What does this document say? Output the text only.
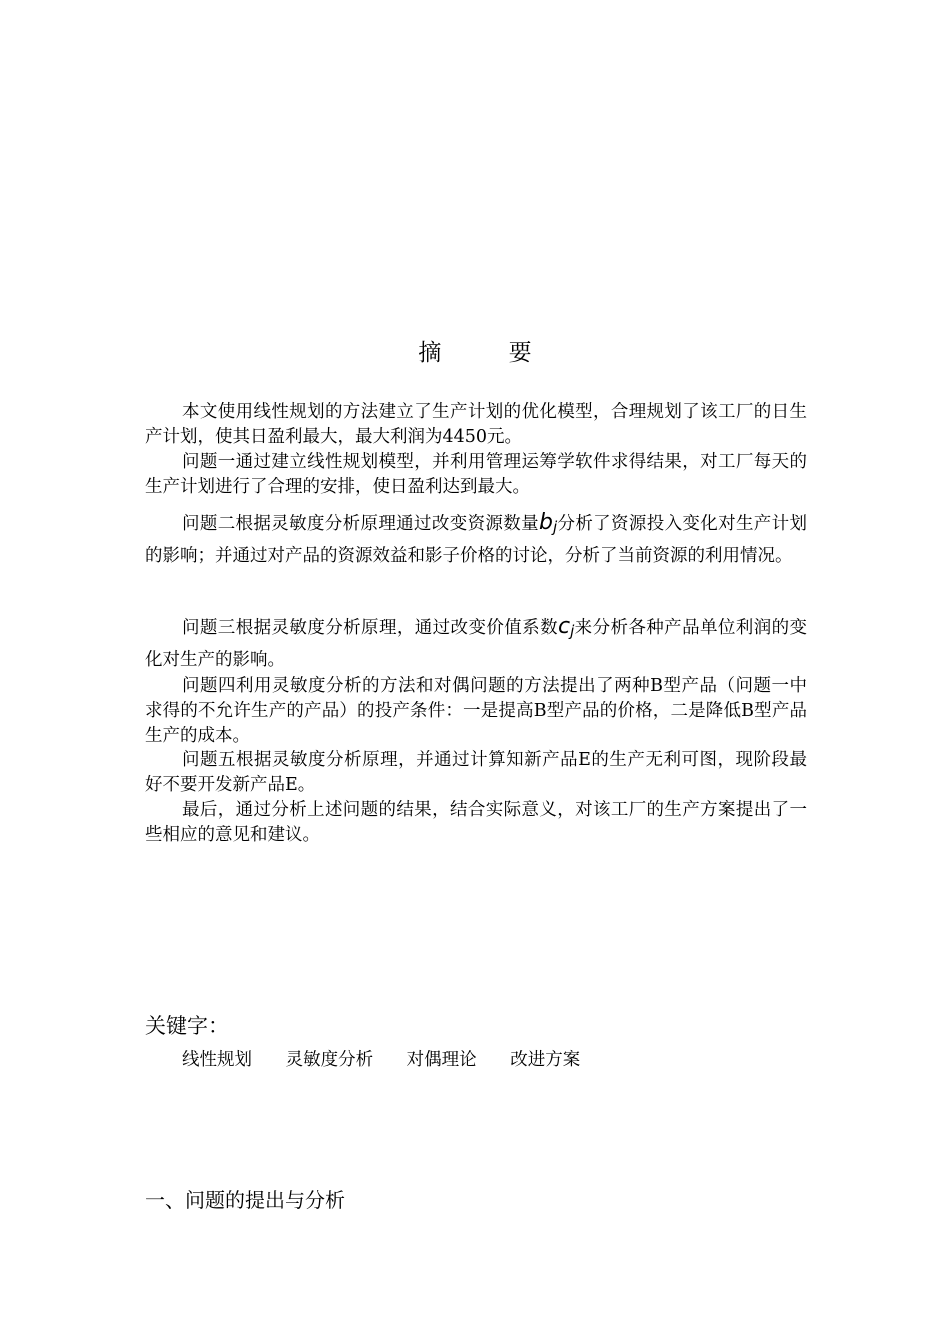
摘 要
本文使用线性规划的方法建立了生产计划的优化模型，合理规划了该工厂的日生产计划，使其日盈利最大，最大利润为4450元。
问题一通过建立线性规划模型，并利用管理运筹学软件求得结果，对工厂每天的生产计划进行了合理的安排，使日盈利达到最大。
问题二根据灵敏度分析原理通过改变资源数量$b_j$分析了资源投入变化对生产计划的影响；并通过对产品的资源效益和影子价格的讨论，分析了当前资源的利用情况。
问题三根据灵敏度分析原理，通过改变价值系数$c_j$来分析各种产品单位利润的变化对生产的影响。
问题四利用灵敏度分析的方法和对偶问题的方法提出了两种B型产品（问题一中求得的不允许生产的产品）的投产条件：一是提高B型产品的价格，二是降低B型产品生产的成本。
问题五根据灵敏度分析原理，并通过计算知新产品E的生产无利可图，现阶段最好不要开发新产品E。
最后，通过分析上述问题的结果，结合实际意义，对该工厂的生产方案提出了一些相应的意见和建议。
关键字：
线性规划 灵敏度分析 对偶理论 改进方案
一、问题的提出与分析
